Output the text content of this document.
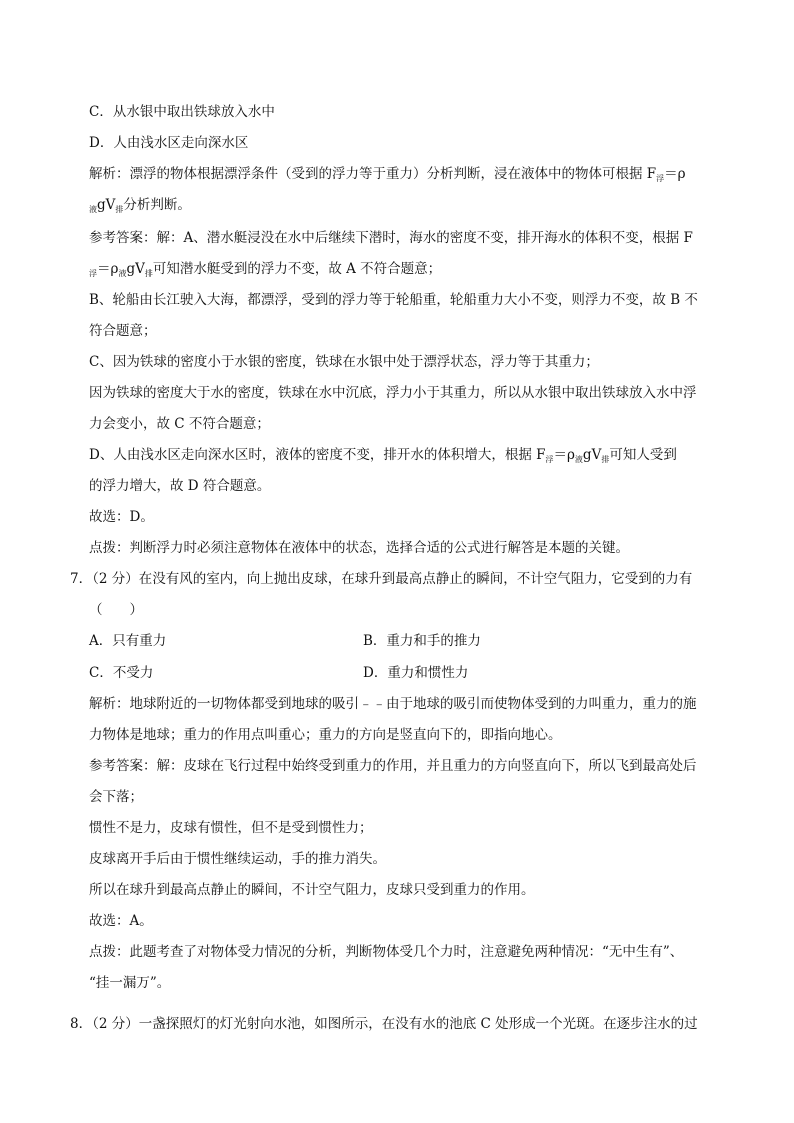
C．从水银中取出铁球放入水中
D．人由浅水区走向深水区
解析：漂浮的物体根据漂浮条件（受到的浮力等于重力）分析判断，浸在液体中的物体可根据 $F_浮=\rho$
$_液gV_排$分析判断。
参考答案：解：A、潜水艇浸没在水中后继续下潜时，海水的密度不变，排开海水的体积不变，根据 F
$_浮=\rho_液gV_排$可知潜水艇受到的浮力不变，故 A 不符合题意；
B、轮船由长江驶入大海，都漂浮，受到的浮力等于轮船重，轮船重力大小不变，则浮力不变，故 B 不
符合题意；
C、因为铁球的密度小于水银的密度，铁球在水银中处于漂浮状态，浮力等于其重力；
因为铁球的密度大于水的密度，铁球在水中沉底，浮力小于其重力，所以从水银中取出铁球放入水中浮
力会变小，故 C 不符合题意；
D、人由浅水区走向深水区时，液体的密度不变，排开水的体积增大，根据 $F_浮=\rho_液gV_排$可知人受到
的浮力增大，故 D 符合题意。
故选：D。
点拨：判断浮力时必须注意物体在液体中的状态，选择合适的公式进行解答是本题的关键。
7．（2 分）在没有风的室内，向上抛出皮球，在球升到最高点静止的瞬间，不计空气阻力，它受到的力有
（　　）
A．只有重力	B．重力和手的推力
C．不受力	D．重力和惯性力
解析：地球附近的一切物体都受到地球的吸引﹣﹣由于地球的吸引而使物体受到的力叫重力，重力的施
力物体是地球；重力的作用点叫重心；重力的方向是竖直向下的，即指向地心。
参考答案：解：皮球在飞行过程中始终受到重力的作用，并且重力的方向竖直向下，所以飞到最高处后
会下落；
惯性不是力，皮球有惯性，但不是受到惯性力；
皮球离开手后由于惯性继续运动，手的推力消失。
所以在球升到最高点静止的瞬间，不计空气阻力，皮球只受到重力的作用。
故选：A。
点拨：此题考查了对物体受力情况的分析，判断物体受几个力时，注意避免两种情况：“无中生有”、
“挂一漏万”。
8．（2 分）一盏探照灯的灯光射向水池，如图所示，在没有水的池底 C 处形成一个光斑。在逐步注水的过
